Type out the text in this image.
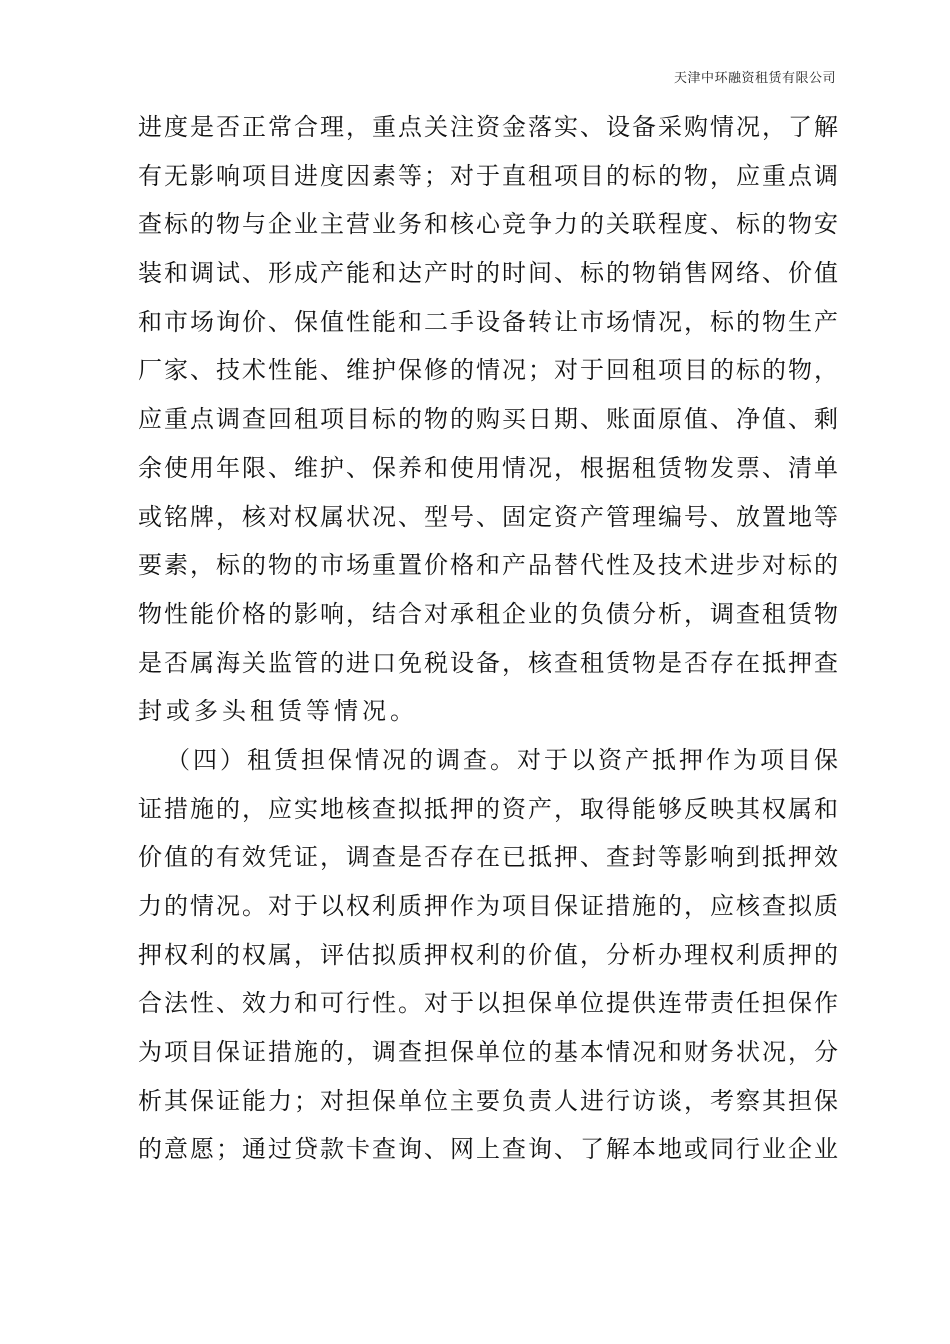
天津中环融资租赁有限公司
进度是否正常合理，重点关注资金落实、设备采购情况，了解
有无影响项目进度因素等；对于直租项目的标的物，应重点调
查标的物与企业主营业务和核心竞争力的关联程度、标的物安
装和调试、形成产能和达产时的时间、标的物销售网络、价值
和市场询价、保值性能和二手设备转让市场情况，标的物生产
厂家、技术性能、维护保修的情况；对于回租项目的标的物，
应重点调查回租项目标的物的购买日期、账面原值、净值、剩
余使用年限、维护、保养和使用情况，根据租赁物发票、清单
或铭牌，核对权属状况、型号、固定资产管理编号、放置地等
要素，标的物的市场重置价格和产品替代性及技术进步对标的
物性能价格的影响，结合对承租企业的负债分析，调查租赁物
是否属海关监管的进口免税设备，核查租赁物是否存在抵押查
封或多头租赁等情况。
（四）租赁担保情况的调查。对于以资产抵押作为项目保
证措施的，应实地核查拟抵押的资产，取得能够反映其权属和
价值的有效凭证，调查是否存在已抵押、查封等影响到抵押效
力的情况。对于以权利质押作为项目保证措施的，应核查拟质
押权利的权属，评估拟质押权利的价值，分析办理权利质押的
合法性、效力和可行性。对于以担保单位提供连带责任担保作
为项目保证措施的，调查担保单位的基本情况和财务状况，分
析其保证能力；对担保单位主要负责人进行访谈，考察其担保
的意愿；通过贷款卡查询、网上查询、了解本地或同行业企业
